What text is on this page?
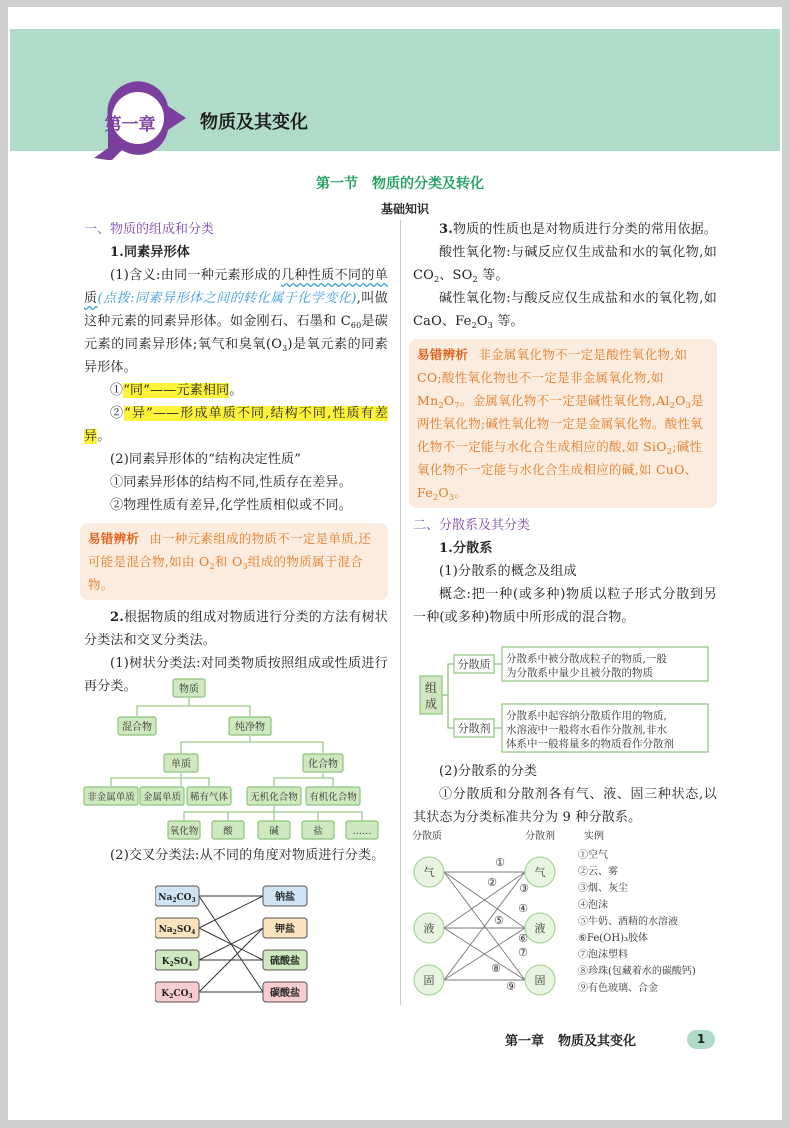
第一章 物质及其变化
第一节　物质的分类及转化
基础知识
一、物质的组成和分类
1.同素异形体
(1)含义:由同一种元素形成的几种性质不同的单质(点拨:同素异形体之间的转化属于化学变化),叫做这种元素的同素异形体。如金刚石、石墨和 $C_{60}$是碳元素的同素异形体;氧气和臭氧$(O_3)$是氧元素的同素异形体。
①“同”——元素相同。
②“异”——形成单质不同,结构不同,性质有差异。
(2)同素异形体的“结构决定性质”
①同素异形体的结构不同,性质存在差异。
②物理性质有差异,化学性质相似或不同。
易错辨析 由一种元素组成的物质不一定是单质,还可能是混合物,如由 $O_2$和 $O_3$组成的物质属于混合物。
2.根据物质的组成对物质进行分类的方法有树状分类法和交叉分类法。
(1)树状分类法:对同类物质按照组成或性质进行再分类。	物质
混合物	纯净物
单质	化合物
非金属单质 金属单质 稀有气体 无机化合物 有机化合物
氧化物	酸	碱	盐	……
(2)交叉分类法:从不同的角度对物质进行分类。
$Na_2CO_3$
$Na_2SO_4$
$K_2SO_4$
$K_2CO_3$
钠盐
钾盐
硫酸盐
碳酸盐
3.物质的性质也是对物质进行分类的常用依据。
酸性氧化物:与碱反应仅生成盐和水的氧化物,如 $CO_2$、$SO_2$ 等。
碱性氧化物:与酸反应仅生成盐和水的氧化物,如 CaO、$Fe_2O_3$ 等。
易错辨析 非金属氧化物不一定是酸性氧化物,如 CO;酸性氧化物也不一定是非金属氧化物,如 $Mn_2O_7$。金属氧化物不一定是碱性氧化物$,Al_2O_3$是两性氧化物;碱性氧化物一定是金属氧化物。酸性氧化物不一定能与水化合生成相应的酸,如 SiO$_2$;碱性氧化物不一定能与水化合生成相应的碱,如 CuO、$Fe_2O_3$。
二、分散系及其分类
1.分散系
(1)分散系的概念及组成
概念:把一种(或多种)物质以粒子形式分散到另一种(或多种)物质中所形成的混合物。
组
成
分散质 分散系中被分散成粒子的物质,一般
为分散系中量少且被分散的物质
分散剂
分散系中起容纳分散质作用的物质,
水溶液中一般将水看作分散剂,非水
体系中一般将量多的物质看作分散剂
(2)分散系的分类
①分散质和分散剂各有气、液、固三种状态,以其状态为分类标准共分为 9 种分散系。
分散质	分散剂	实例
气
液
固
气
液
固
①
② ③
④
⑤
⑥
⑦
⑧
⑨
①空气
②云、雾
③烟、灰尘
④泡沫
⑤牛奶、酒精的水溶液
⑥Fe(OH)₃胶体
⑦泡沫塑料
⑧珍珠(包藏着水的碳酸钙)
⑨有色玻璃、合金
第一章 物质及其变化	1
